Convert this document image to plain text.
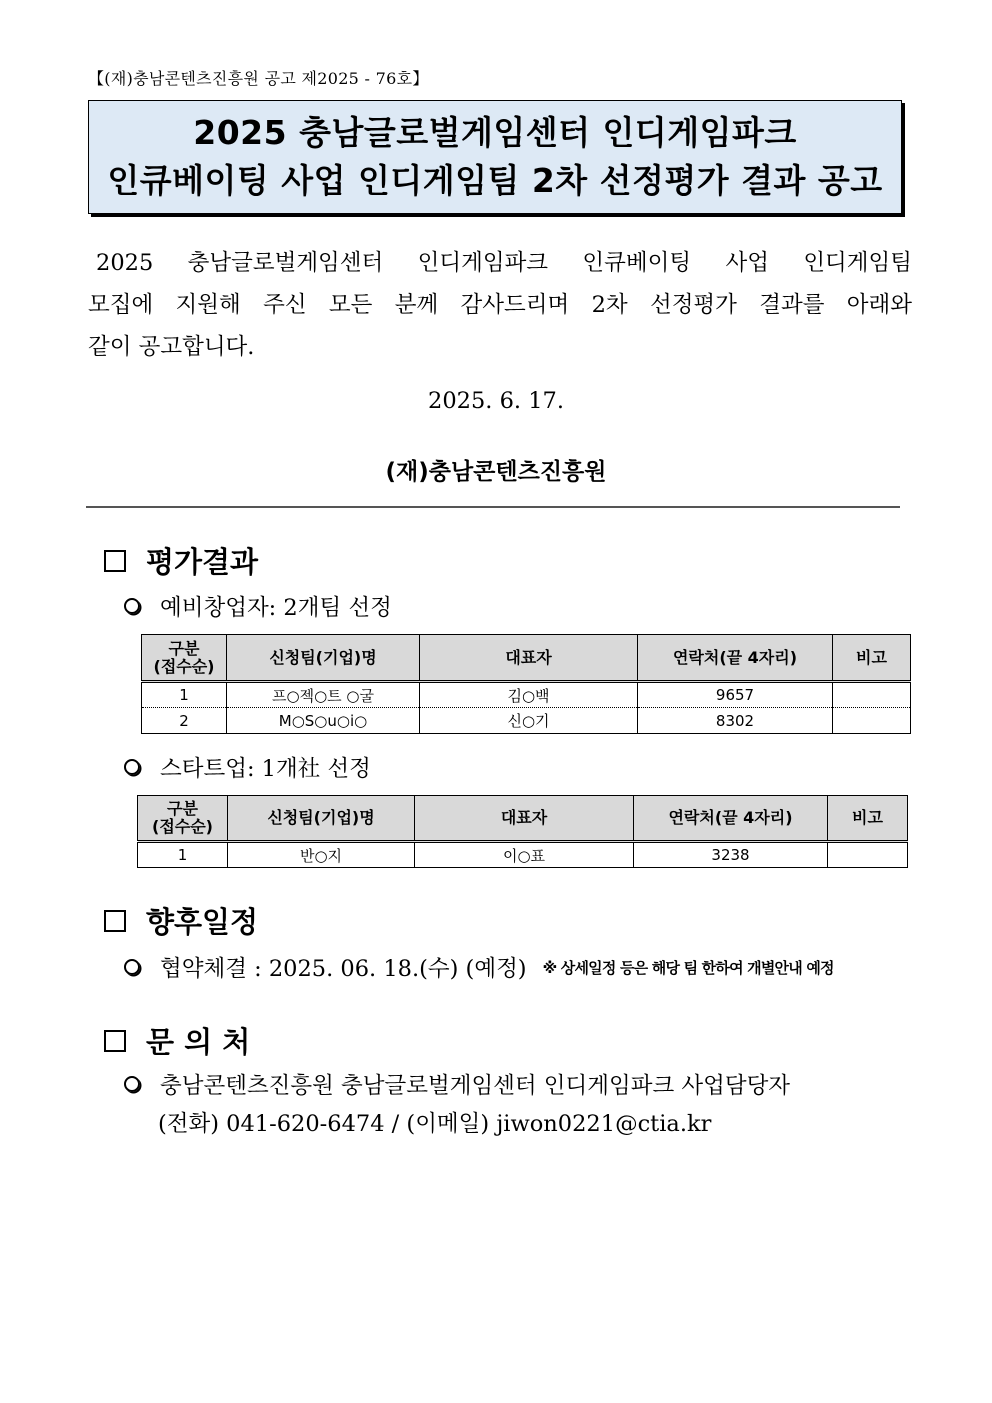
【(재)충남콘텐츠진흥원 공고 제2025 - 76호】
2025 충남글로벌게임센터 인디게임파크
인큐베이팅 사업 인디게임팀 2차 선정평가 결과 공고
2025 충남글로벌게임센터 인디게임파크 인큐베이팅 사업 인디게임팀
모집에 지원해 주신 모든 분께 감사드리며 2차 선정평가 결과를 아래와
같이 공고합니다.
2025. 6. 17.
(재)충남콘텐츠진흥원
평가결과
예비창업자: 2개팀 선정
구분
(접수순)	신청팀(기업)명	대표자	연락처(끝 4자리)	비고
1	프○젝○트 ○굴	김○백	9657	
2	M○S○u○i○	신○기	8302	
스타트업: 1개社 선정
구분
(접수순)	신청팀(기업)명	대표자	연락처(끝 4자리)	비고
1	반○지	이○표	3238	
향후일정
협약체결 : 2025. 06. 18.(수) (예정) ※ 상세일정 등은 해당 팀 한하여 개별안내 예정
문 의 처
충남콘텐츠진흥원 충남글로벌게임센터 인디게임파크 사업담당자
(전화) 041-620-6474 / (이메일) jiwon0221@ctia.kr
